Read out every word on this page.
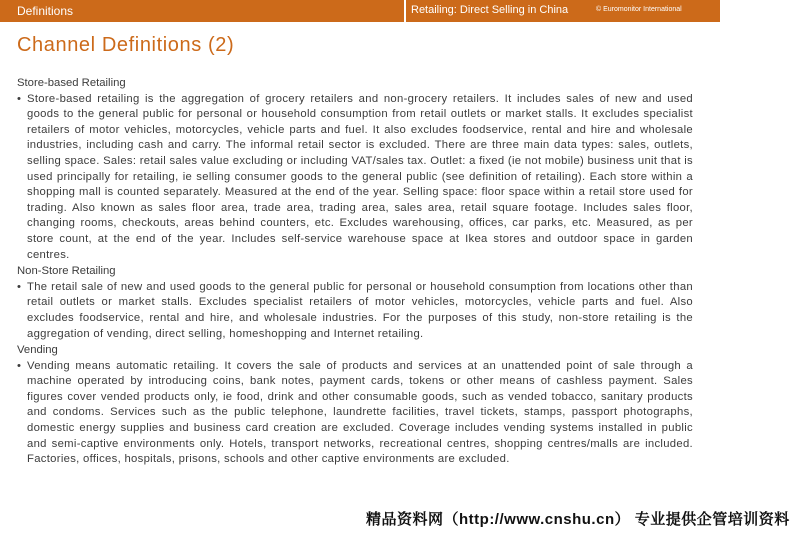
Definitions	Retailing: Direct Selling in China	© Euromonitor International
Channel Definitions (2)

Store-based Retailing

• Store-based retailing is the aggregation of grocery retailers and non-grocery retailers. It includes sales of new and used goods to the general public for personal or household consumption from retail outlets or market stalls. It excludes specialist retailers of motor vehicles, motorcycles, vehicle parts and fuel. It also excludes foodservice, rental and hire and wholesale industries, including cash and carry. The informal retail sector is excluded. There are three main data types: sales, outlets, selling space. Sales: retail sales value excluding or including VAT/sales tax. Outlet: a fixed (ie not mobile) business unit that is used principally for retailing, ie selling consumer goods to the general public (see definition of retailing). Each store within a shopping mall is counted separately. Measured at the end of the year. Selling space: floor space within a retail store used for trading. Also known as sales floor area, trade area, trading area, sales area, retail square footage. Includes sales floor, changing rooms, checkouts, areas behind counters, etc. Excludes warehousing, offices, car parks, etc. Measured, as per store count, at the end of the year. Includes self-service warehouse space at Ikea stores and outdoor space in garden centres.

Non-Store Retailing

• The retail sale of new and used goods to the general public for personal or household consumption from locations other than retail outlets or market stalls. Excludes specialist retailers of motor vehicles, motorcycles, vehicle parts and fuel. Also excludes foodservice, rental and hire, and wholesale industries. For the purposes of this study, non-store retailing is the aggregation of vending, direct selling, homeshopping and Internet retailing.

Vending

• Vending means automatic retailing. It covers the sale of products and services at an unattended point of sale through a machine operated by introducing coins, bank notes, payment cards, tokens or other means of cashless payment. Sales figures cover vended products only, ie food, drink and other consumable goods, such as vended tobacco, sanitary products and condoms. Services such as the public telephone, laundrette facilities, travel tickets, stamps, passport photographs, domestic energy supplies and business card creation are excluded. Coverage includes vending systems installed in public and semi-captive environments only. Hotels, transport networks, recreational centres, shopping centres/malls are included. Factories, offices, hospitals, prisons, schools and other captive environments are excluded.

精品资料网（http://www.cnshu.cn） 专业提供企管培训资料
